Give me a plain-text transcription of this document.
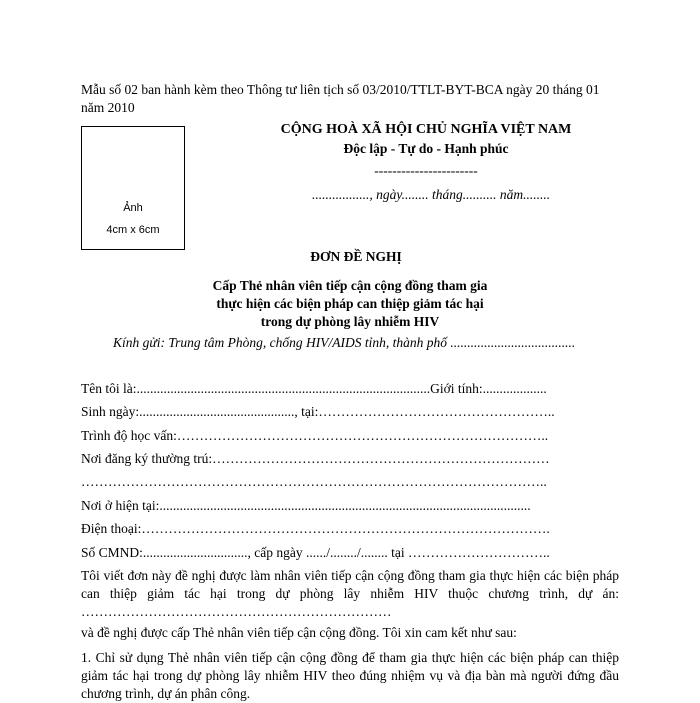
Mẫu số 02 ban hành kèm theo Thông tư liên tịch số 03/2010/TTLT-BYT-BCA ngày 20 tháng 01
năm 2010
Ảnh
4cm x 6cm
CỘNG HOÀ XÃ HỘI CHỦ NGHĨA VIỆT NAM
Độc lập - Tự do - Hạnh phúc
-----------------------
................., ngày........ tháng.......... năm........
ĐƠN ĐỀ NGHỊ
Cấp Thẻ nhân viên tiếp cận cộng đồng tham gia
thực hiện các biện pháp can thiệp giảm tác hại
trong dự phòng lây nhiễm HIV
Kính gửi: Trung tâm Phòng, chống HIV/AIDS tỉnh, thành phố .....................................
Tên tôi là:.......................................................................................Giới tính:...................
Sinh ngày:.............................................., tại:……………………………………………..
Trình độ học vấn:………………………………………………………………………..
Nơi đăng ký thường trú:…………………………………………………………………
…………………………………………………………………………………………..
Nơi ở hiện tại:..............................................................................................................
Điện thoại:……………………………………………………………………………….
Số CMND:..............................., cấp ngày ....../......../........ tại …………………………..
Tôi viết đơn này đề nghị được làm nhân viên tiếp cận cộng đồng tham gia thực hiện các biện pháp can thiệp giảm tác hại trong dự phòng lây nhiễm HIV thuộc chương trình, dự án: ……………………………………………………………
và đề nghị được cấp Thẻ nhân viên tiếp cận cộng đồng. Tôi xin cam kết như sau:
1. Chỉ sử dụng Thẻ nhân viên tiếp cận cộng đồng để tham gia thực hiện các biện pháp can thiệp giảm tác hại trong dự phòng lây nhiễm HIV theo đúng nhiệm vụ và địa bàn mà người đứng đầu chương trình, dự án phân công.
